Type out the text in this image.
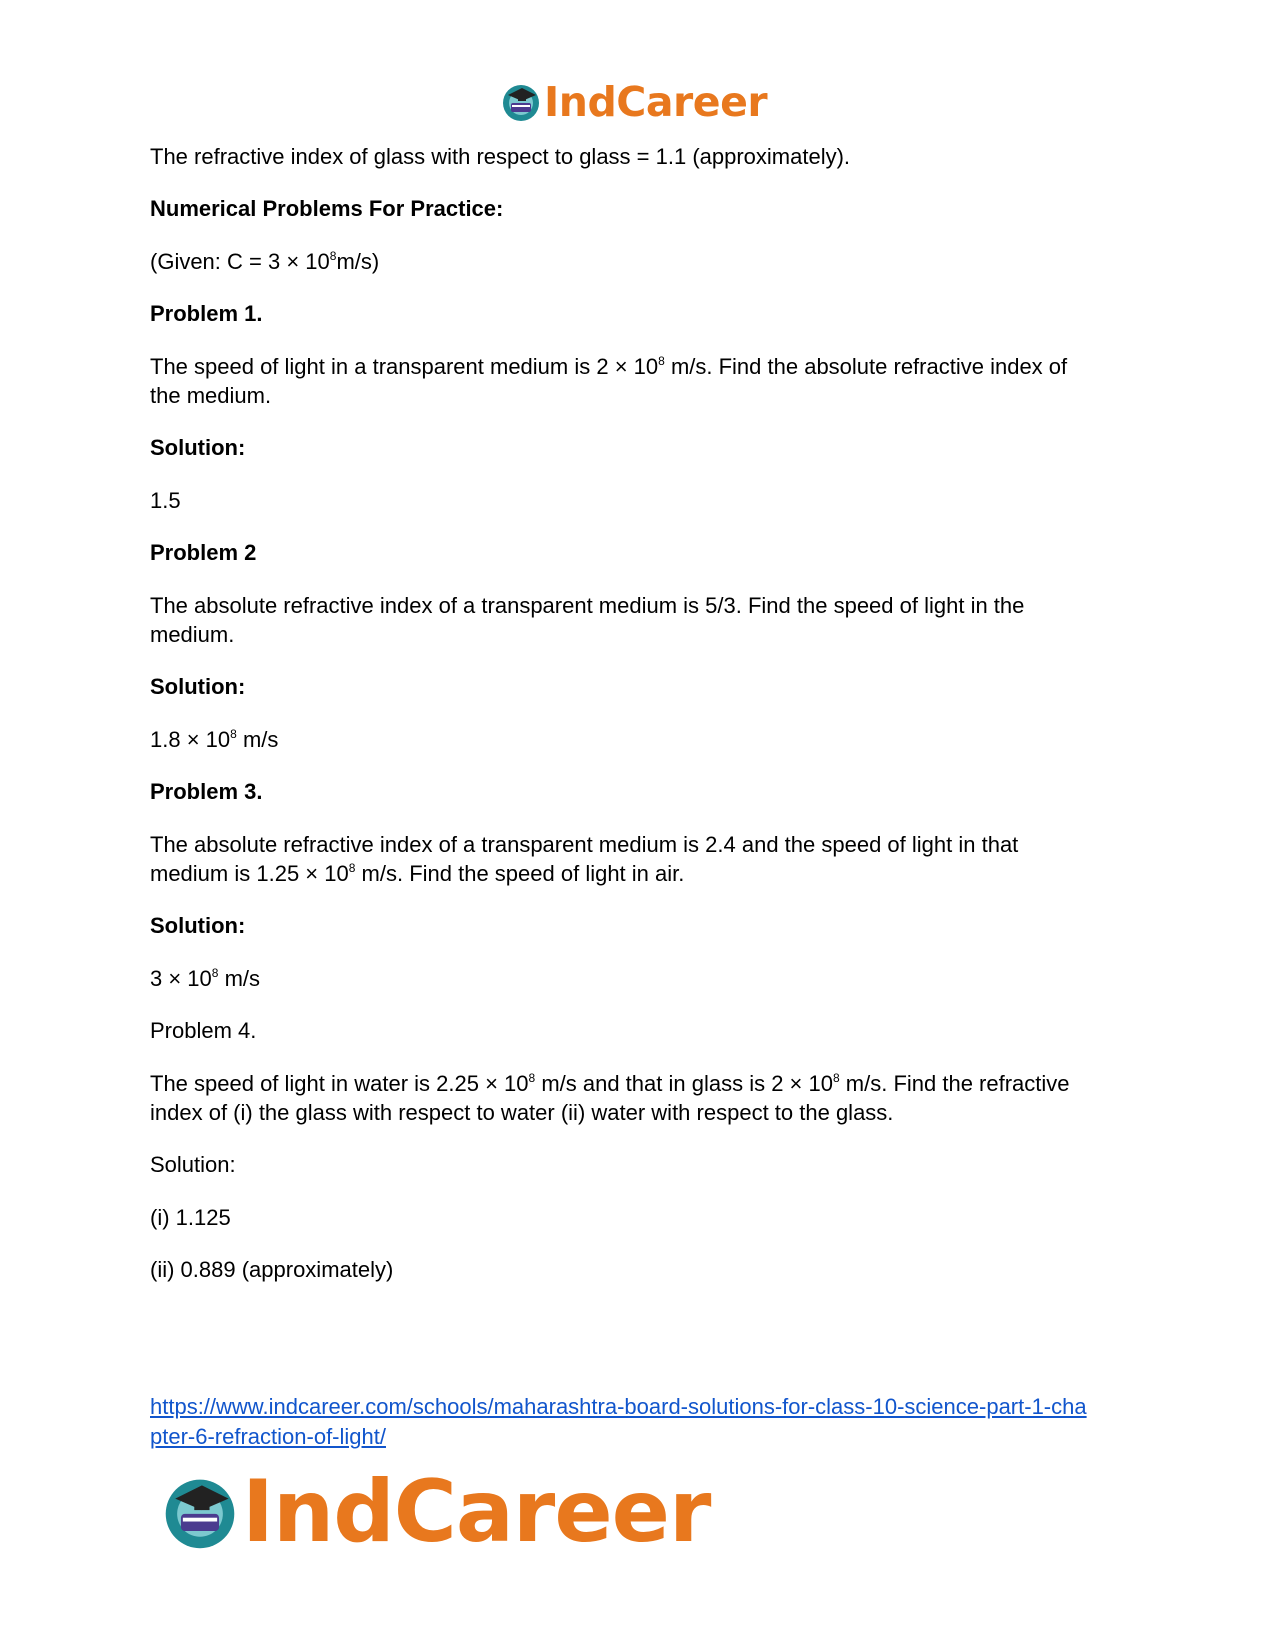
IndCareer
The refractive index of glass with respect to glass = 1.1 (approximately).
Numerical Problems For Practice:
(Given: $C = 3 \times 10^8m/s$)
Problem 1.
The speed of light in a transparent medium is $2 \times 10^8$ m/s. Find the absolute refractive index of
the medium.
Solution:
1.5
Problem 2
The absolute refractive index of a transparent medium is 5/3. Find the speed of light in the
medium.
Solution:
$1.8 \times 10^8$ m/s
Problem 3.
The absolute refractive index of a transparent medium is 2.4 and the speed of light in that
medium is $1.25 \times 10^8$ m/s. Find the speed of light in air.
Solution:
$3 \times 10^8$ m/s
Problem 4.
The speed of light in water is $2.25 \times 10^8$ m/s and that in glass is $2 \times 10^8$ m/s. Find the refractive
index of (i) the glass with respect to water (ii) water with respect to the glass.
Solution:
(i) 1.125
(ii) 0.889 (approximately)
https://www.indcareer.com/schools/maharashtra-board-solutions-for-class-10-science-part-1-cha
pter-6-refraction-of-light/
IndCareer
